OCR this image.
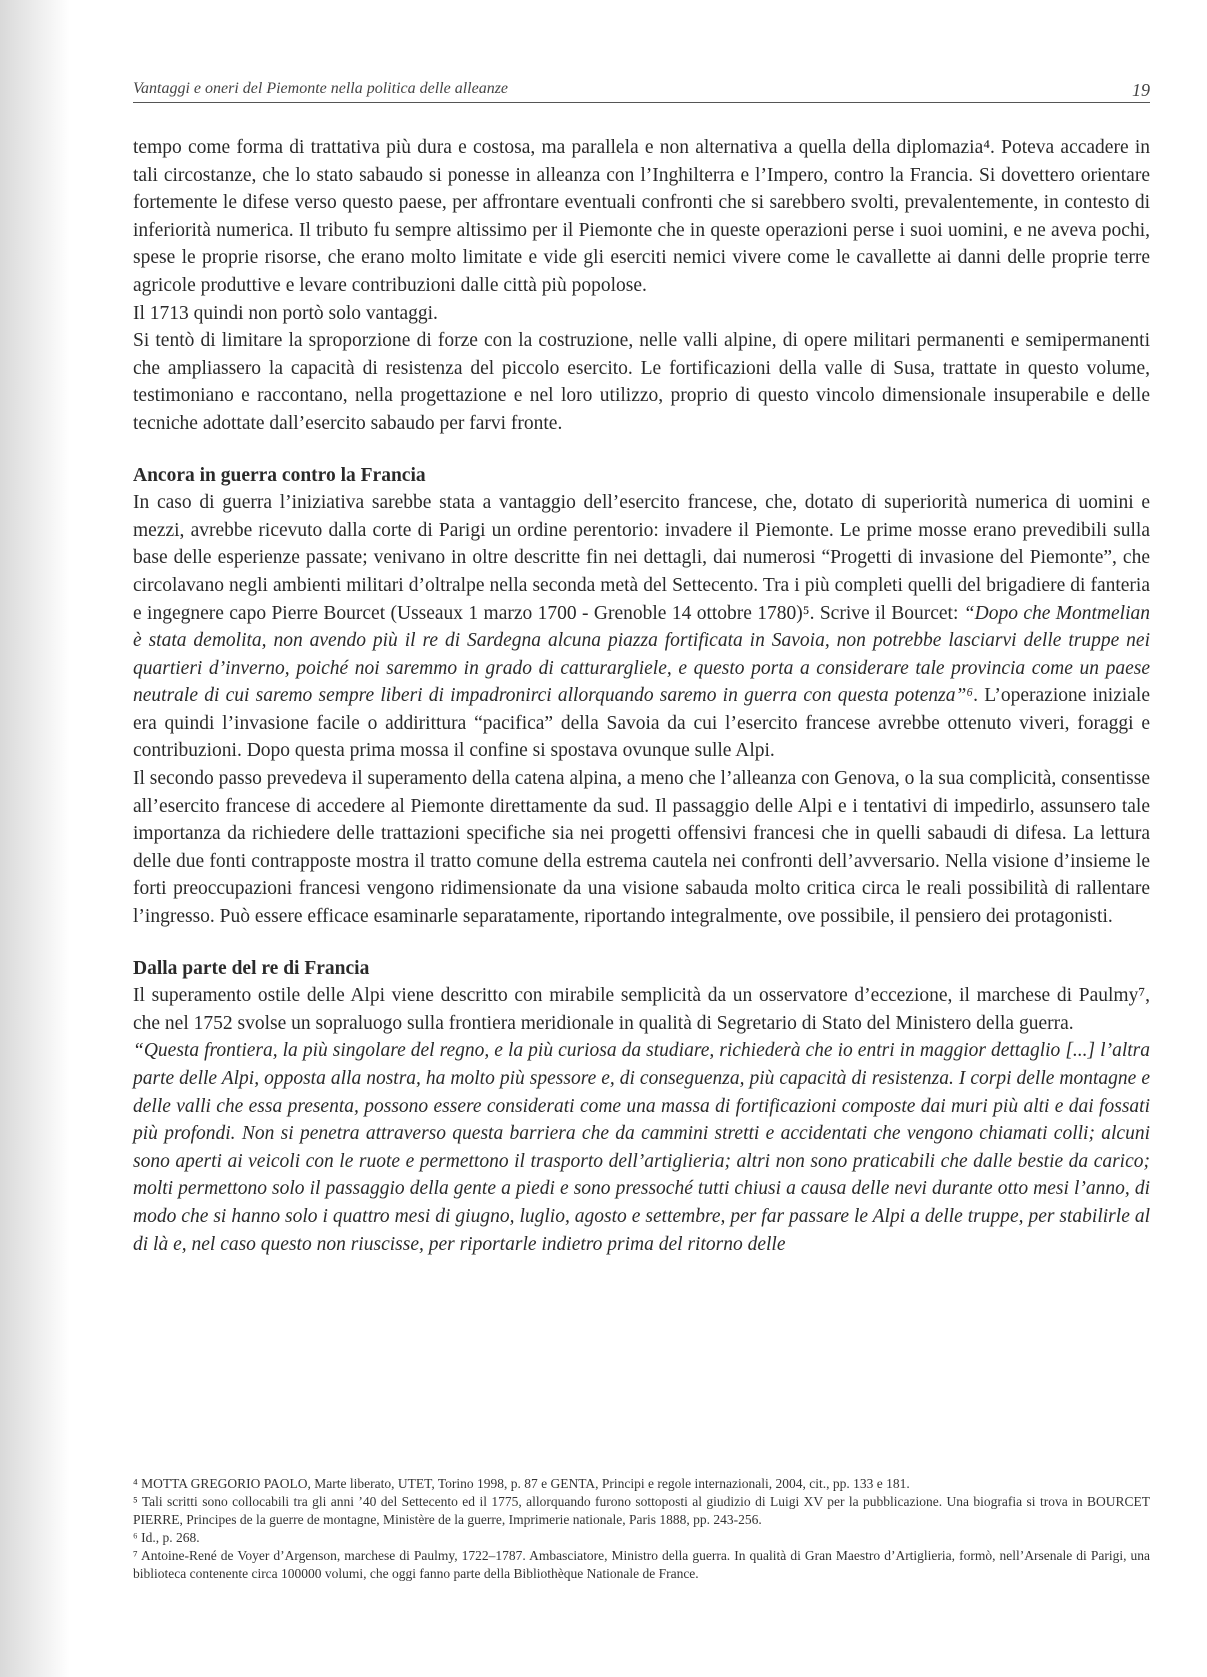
Vantaggi e oneri del Piemonte nella politica delle alleanze	19

tempo come forma di trattativa più dura e costosa, ma parallela e non alternativa a quella della diplomazia⁴. Poteva accadere in tali circostanze, che lo stato sabaudo si ponesse in alleanza con l’Inghilterra e l’Impero, contro la Francia. Si dovettero orientare fortemente le difese verso questo paese, per affrontare eventuali confronti che si sarebbero svolti, prevalentemente, in contesto di inferiorità numerica. Il tributo fu sempre altissimo per il Piemonte che in queste operazioni perse i suoi uomini, e ne aveva pochi, spese le proprie risorse, che erano molto limitate e vide gli eserciti nemici vivere come le cavallette ai danni delle proprie terre agricole produttive e levare contribuzioni dalle città più popolose.

Il 1713 quindi non portò solo vantaggi.

Si tentò di limitare la sproporzione di forze con la costruzione, nelle valli alpine, di opere militari permanenti e semipermanenti che ampliassero la capacità di resistenza del piccolo esercito. Le fortificazioni della valle di Susa, trattate in questo volume, testimoniano e raccontano, nella progettazione e nel loro utilizzo, proprio di questo vincolo dimensionale insuperabile e delle tecniche adottate dall’esercito sabaudo per farvi fronte.

Ancora in guerra contro la Francia

In caso di guerra l’iniziativa sarebbe stata a vantaggio dell’esercito francese, che, dotato di superiorità numerica di uomini e mezzi, avrebbe ricevuto dalla corte di Parigi un ordine perentorio: invadere il Piemonte. Le prime mosse erano prevedibili sulla base delle esperienze passate; venivano in oltre descritte fin nei dettagli, dai numerosi “Progetti di invasione del Piemonte”, che circolavano negli ambienti militari d’oltralpe nella seconda metà del Settecento. Tra i più completi quelli del brigadiere di fanteria e ingegnere capo Pierre Bourcet (Usseaux 1 marzo 1700 - Grenoble 14 ottobre 1780)⁵. Scrive il Bourcet: “Dopo che Montmelian è stata demolita, non avendo più il re di Sardegna alcuna piazza fortificata in Savoia, non potrebbe lasciarvi delle truppe nei quartieri d’inverno, poiché noi saremmo in grado di catturargliele, e questo porta a considerare tale provincia come un paese neutrale di cui saremo sempre liberi di impadronirci allorquando saremo in guerra con questa potenza”⁶. L’operazione iniziale era quindi l’invasione facile o addirittura “pacifica” della Savoia da cui l’esercito francese avrebbe ottenuto viveri, foraggi e contribuzioni. Dopo questa prima mossa il confine si spostava ovunque sulle Alpi.

Il secondo passo prevedeva il superamento della catena alpina, a meno che l’alleanza con Genova, o la sua complicità, consentisse all’esercito francese di accedere al Piemonte direttamente da sud. Il passaggio delle Alpi e i tentativi di impedirlo, assunsero tale importanza da richiedere delle trattazioni specifiche sia nei progetti offensivi francesi che in quelli sabaudi di difesa. La lettura delle due fonti contrapposte mostra il tratto comune della estrema cautela nei confronti dell’avversario. Nella visione d’insieme le forti preoccupazioni francesi vengono ridimensionate da una visione sabauda molto critica circa le reali possibilità di rallentare l’ingresso. Può essere efficace esaminarle separatamente, riportando integralmente, ove possibile, il pensiero dei protagonisti.

Dalla parte del re di Francia

Il superamento ostile delle Alpi viene descritto con mirabile semplicità da un osservatore d’eccezione, il marchese di Paulmy⁷, che nel 1752 svolse un sopraluogo sulla frontiera meridionale in qualità di Segretario di Stato del Ministero della guerra.

“Questa frontiera, la più singolare del regno, e la più curiosa da studiare, richiederà che io entri in maggior dettaglio [...] l’altra parte delle Alpi, opposta alla nostra, ha molto più spessore e, di conseguenza, più capacità di resistenza. I corpi delle montagne e delle valli che essa presenta, possono essere considerati come una massa di fortificazioni composte dai muri più alti e dai fossati più profondi. Non si penetra attraverso questa barriera che da cammini stretti e accidentati che vengono chiamati colli; alcuni sono aperti ai veicoli con le ruote e permettono il trasporto dell’artiglieria; altri non sono praticabili che dalle bestie da carico; molti permettono solo il passaggio della gente a piedi e sono pressoché tutti chiusi a causa delle nevi durante otto mesi l’anno, di modo che si hanno solo i quattro mesi di giugno, luglio, agosto e settembre, per far passare le Alpi a delle truppe, per stabilirle al di là e, nel caso questo non riuscisse, per riportarle indietro prima del ritorno delle

⁴ MOTTA GREGORIO PAOLO, Marte liberato, UTET, Torino 1998, p. 87 e GENTA, Principi e regole internazionali, 2004, cit., pp. 133 e 181.

⁵ Tali scritti sono collocabili tra gli anni ’40 del Settecento ed il 1775, allorquando furono sottoposti al giudizio di Luigi XV per la pubblicazione. Una biografia si trova in BOURCET PIERRE, Principes de la guerre de montagne, Ministère de la guerre, Imprimerie nationale, Paris 1888, pp. 243-256.

⁶ Id., p. 268.

⁷ Antoine-René de Voyer d’Argenson, marchese di Paulmy, 1722–1787. Ambasciatore, Ministro della guerra. In qualità di Gran Maestro d’Artiglieria, formò, nell’Arsenale di Parigi, una biblioteca contenente circa 100000 volumi, che oggi fanno parte della Bibliothèque Nationale de France.
